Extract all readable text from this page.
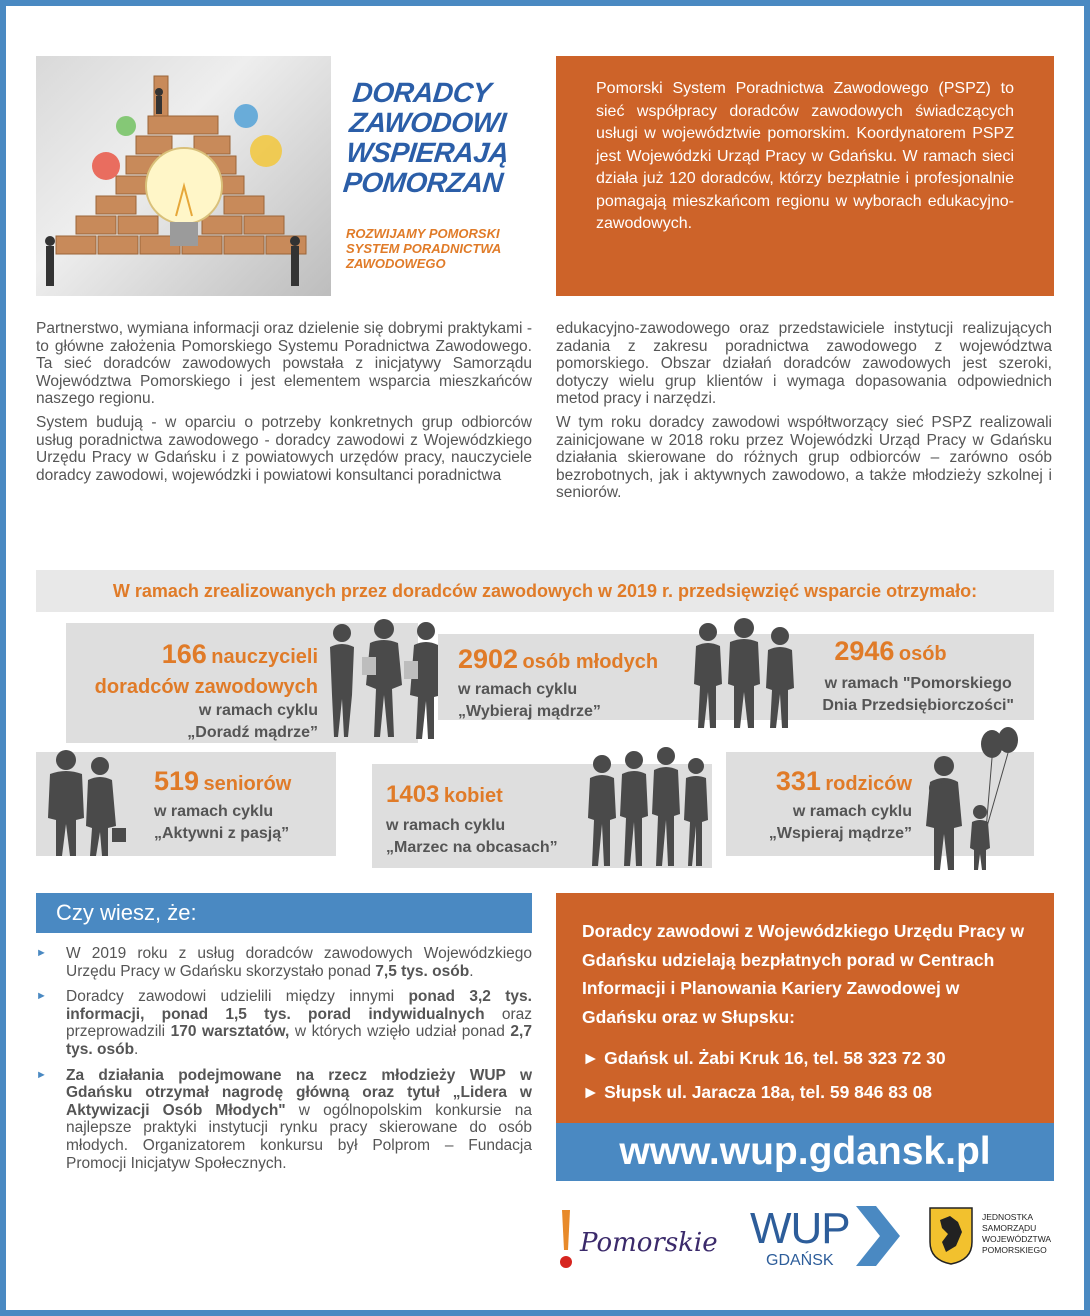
DORADCY ZAWODOWI WSPIERAJĄ POMORZAN
ROZWIJAMY POMORSKI SYSTEM PORADNICTWA ZAWODOWEGO
Pomorski System Poradnictwa Zawodowego (PSPZ) to sieć współpracy doradców zawodowych świadczących usługi w województwie pomorskim. Koordynatorem PSPZ jest Wojewódzki Urząd Pracy w Gdańsku. W ramach sieci działa już 120 doradców, którzy bezpłatnie i profesjonalnie pomagają mieszkańcom regionu w wyborach edukacyjno-zawodowych.

Partnerstwo, wymiana informacji oraz dzielenie się dobrymi praktykami - to główne założenia Pomorskiego Systemu Poradnictwa Zawodowego. Ta sieć doradców zawodowych powstała z inicjatywy Samorządu Województwa Pomorskiego i jest elementem wsparcia mieszkańców naszego regionu.

System budują - w oparciu o potrzeby konkretnych grup odbiorców usług poradnictwa zawodowego - doradcy zawodowi z Wojewódzkiego Urzędu Pracy w Gdańsku i z powiatowych urzędów pracy, nauczyciele doradcy zawodowi, wojewódzki i powiatowi konsultanci poradnictwa

edukacyjno-zawodowego oraz przedstawiciele instytucji realizujących zadania z zakresu poradnictwa zawodowego z województwa pomorskiego. Obszar działań doradców zawodowych jest szeroki, dotyczy wielu grup klientów i wymaga dopasowania odpowiednich metod pracy i narzędzi.

W tym roku doradcy zawodowi współtworzący sieć PSPZ realizowali zainicjowane w 2018 roku przez Wojewódzki Urząd Pracy w Gdańsku działania skierowane do różnych grup odbiorców – zarówno osób bezrobotnych, jak i aktywnych zawodowo, a także młodzieży szkolnej i seniorów.

W ramach zrealizowanych przez doradców zawodowych w 2019 r. przedsięwzięć wsparcie otrzymało:
166 nauczycieli
doradców zawodowych
w ramach cyklu
„Doradź mądrze”
2902 osób młodych
w ramach cyklu
„Wybieraj mądrze”
2946 osób
w ramach "Pomorskiego
Dnia Przedsiębiorczości"
519 seniorów
w ramach cyklu
„Aktywni z pasją”
1403 kobiet
w ramach cyklu
„Marzec na obcasach”
331 rodziców
w ramach cyklu
„Wspieraj mądrze”
Czy wiesz, że:
► W 2019 roku z usług doradców zawodowych Wojewódzkiego Urzędu Pracy w Gdańsku skorzystało ponad 7,5 tys. osób.
► Doradcy zawodowi udzielili między innymi ponad 3,2 tys. informacji, ponad 1,5 tys. porad indywidualnych oraz przeprowadzili 170 warsztatów, w których wzięło udział ponad 2,7 tys. osób.
► Za działania podejmowane na rzecz młodzieży WUP w Gdańsku otrzymał nagrodę główną oraz tytuł „Lidera w Aktywizacji Osób Młodych" w ogólnopolskim konkursie na najlepsze praktyki instytucji rynku pracy skierowane do osób młodych. Organizatorem konkursu był Polprom – Fundacja Promocji Inicjatyw Społecznych.
Doradcy zawodowi z Wojewódzkiego Urzędu Pracy w Gdańsku udzielają bezpłatnych porad w Centrach Informacji i Planowania Kariery Zawodowej w Gdańsku oraz w Słupsku:
► Gdańsk ul. Żabi Kruk 16, tel. 58 323 72 30
► Słupsk ul. Jaracza 18a, tel. 59 846 83 08
www.wup.gdansk.pl
Pomorskie WUP
GDAŃSK
JEDNOSTKA
SAMORZĄDU
WOJEWÓDZTWA
POMORSKIEGO
